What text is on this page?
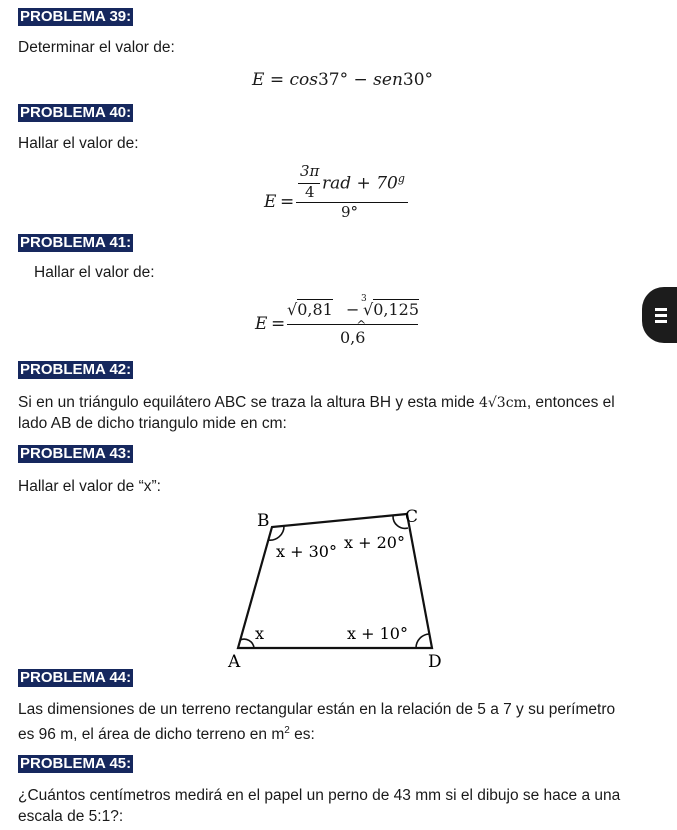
PROBLEMA 39:
Determinar el valor de:
E = cos37° − sen30°
PROBLEMA 40:
Hallar el valor de:
E =
3π
4 rad + $70^g$
9°
PROBLEMA 41:
Hallar el valor de:
E =
√0,81 −
3
√0,125
0,
^
6
PROBLEMA 42:
Si en un triángulo equilátero ABC se traza la altura BH y esta mide 4√3cm, entonces el
lado AB de dicho triangulo mide en cm:
PROBLEMA 43:
Hallar el valor de “x”:
B	C
A	D
x + 30° x + 20°
x	x + 10°
PROBLEMA 44:
Las dimensiones de un terreno rectangular están en la relación de 5 a 7 y su perímetro
es 96 m, el área de dicho terreno en $m^2$ es:
PROBLEMA 45:
¿Cuántos centímetros medirá en el papel un perno de 43 mm si el dibujo se hace a una
escala de 5:1?:
